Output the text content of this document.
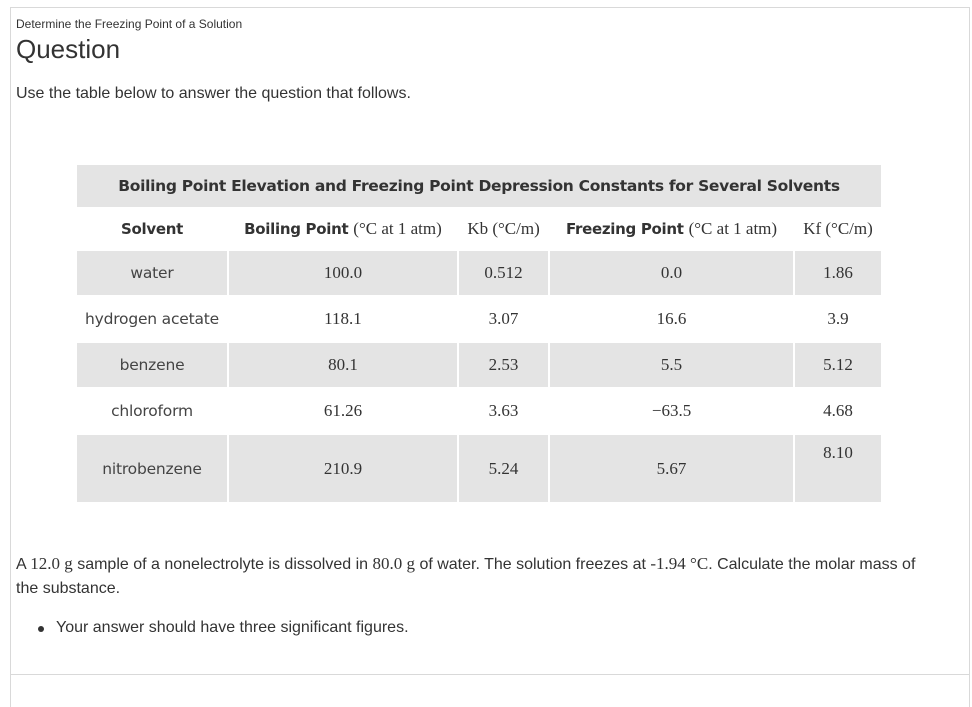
Determine the Freezing Point of a Solution
Question
Use the table below to answer the question that follows.
Boiling Point Elevation and Freezing Point Depression Constants for Several Solvents				
Solvent	Boiling Point (°C at 1 atm)	Kb (°C/m)	Freezing Point (°C at 1 atm)	Kf (°C/m)
water	100.0	0.512	0.0	1.86
hydrogen acetate	118.1	3.07	16.6	3.9
benzene	80.1	2.53	5.5	5.12
chloroform	61.26	3.63	−63.5	4.68
nitrobenzene	210.9	5.24	5.67	8.10
A 12.0 g sample of a nonelectrolyte is dissolved in 80.0 g of water. The solution freezes at -1.94 °C. Calculate the molar mass of the substance.
Your answer should have three significant figures.
